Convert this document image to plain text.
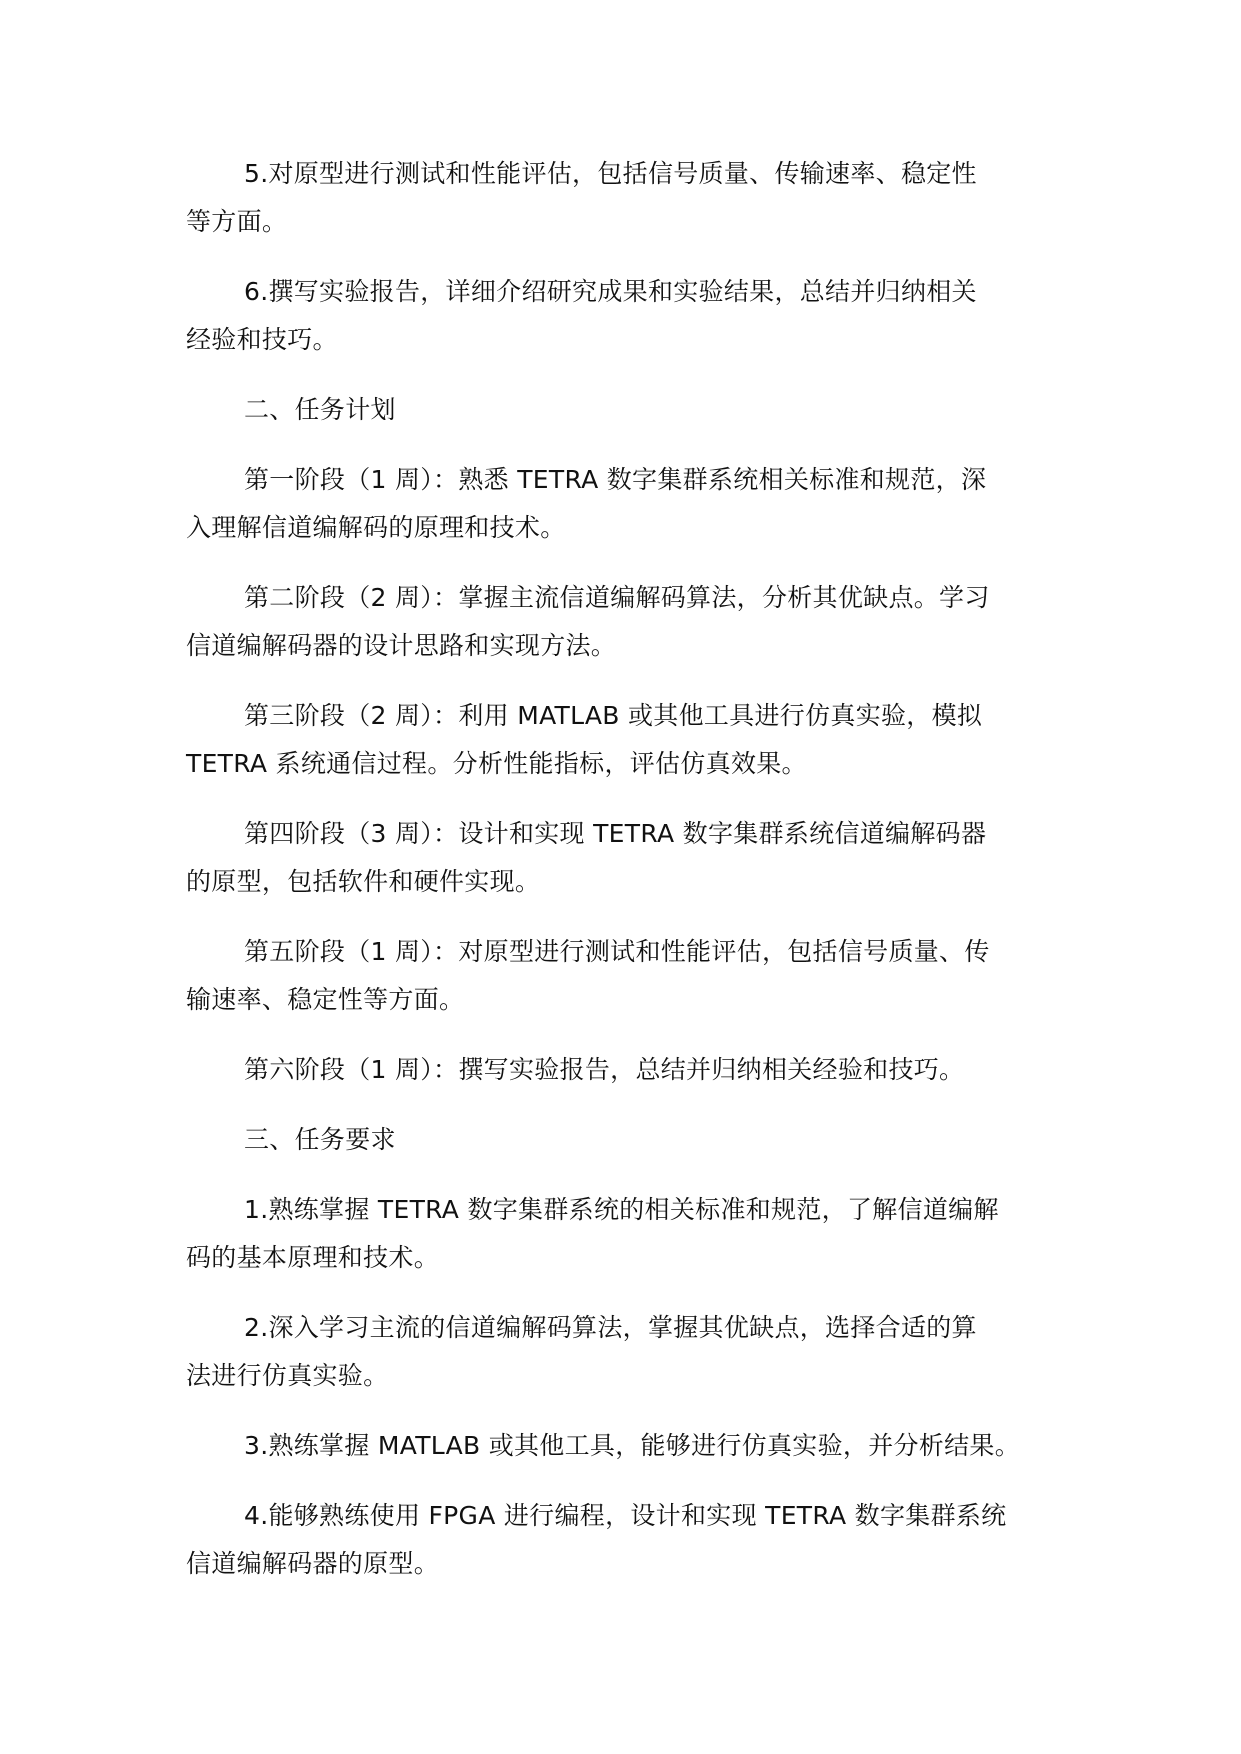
5.对原型进行测试和性能评估，包括信号质量、传输速率、稳定性
等方面。

6.撰写实验报告，详细介绍研究成果和实验结果，总结并归纳相关
经验和技巧。

二、任务计划

第一阶段（1 周）：熟悉 TETRA 数字集群系统相关标准和规范，深
入理解信道编解码的原理和技术。

第二阶段（2 周）：掌握主流信道编解码算法，分析其优缺点。学习
信道编解码器的设计思路和实现方法。

第三阶段（2 周）：利用 MATLAB 或其他工具进行仿真实验，模拟
TETRA 系统通信过程。分析性能指标，评估仿真效果。

第四阶段（3 周）：设计和实现 TETRA 数字集群系统信道编解码器
的原型，包括软件和硬件实现。

第五阶段（1 周）：对原型进行测试和性能评估，包括信号质量、传
输速率、稳定性等方面。

第六阶段（1 周）：撰写实验报告，总结并归纳相关经验和技巧。

三、任务要求

1.熟练掌握 TETRA 数字集群系统的相关标准和规范，了解信道编解
码的基本原理和技术。

2.深入学习主流的信道编解码算法，掌握其优缺点，选择合适的算
法进行仿真实验。

3.熟练掌握 MATLAB 或其他工具，能够进行仿真实验，并分析结果。

4.能够熟练使用 FPGA 进行编程，设计和实现 TETRA 数字集群系统
信道编解码器的原型。
